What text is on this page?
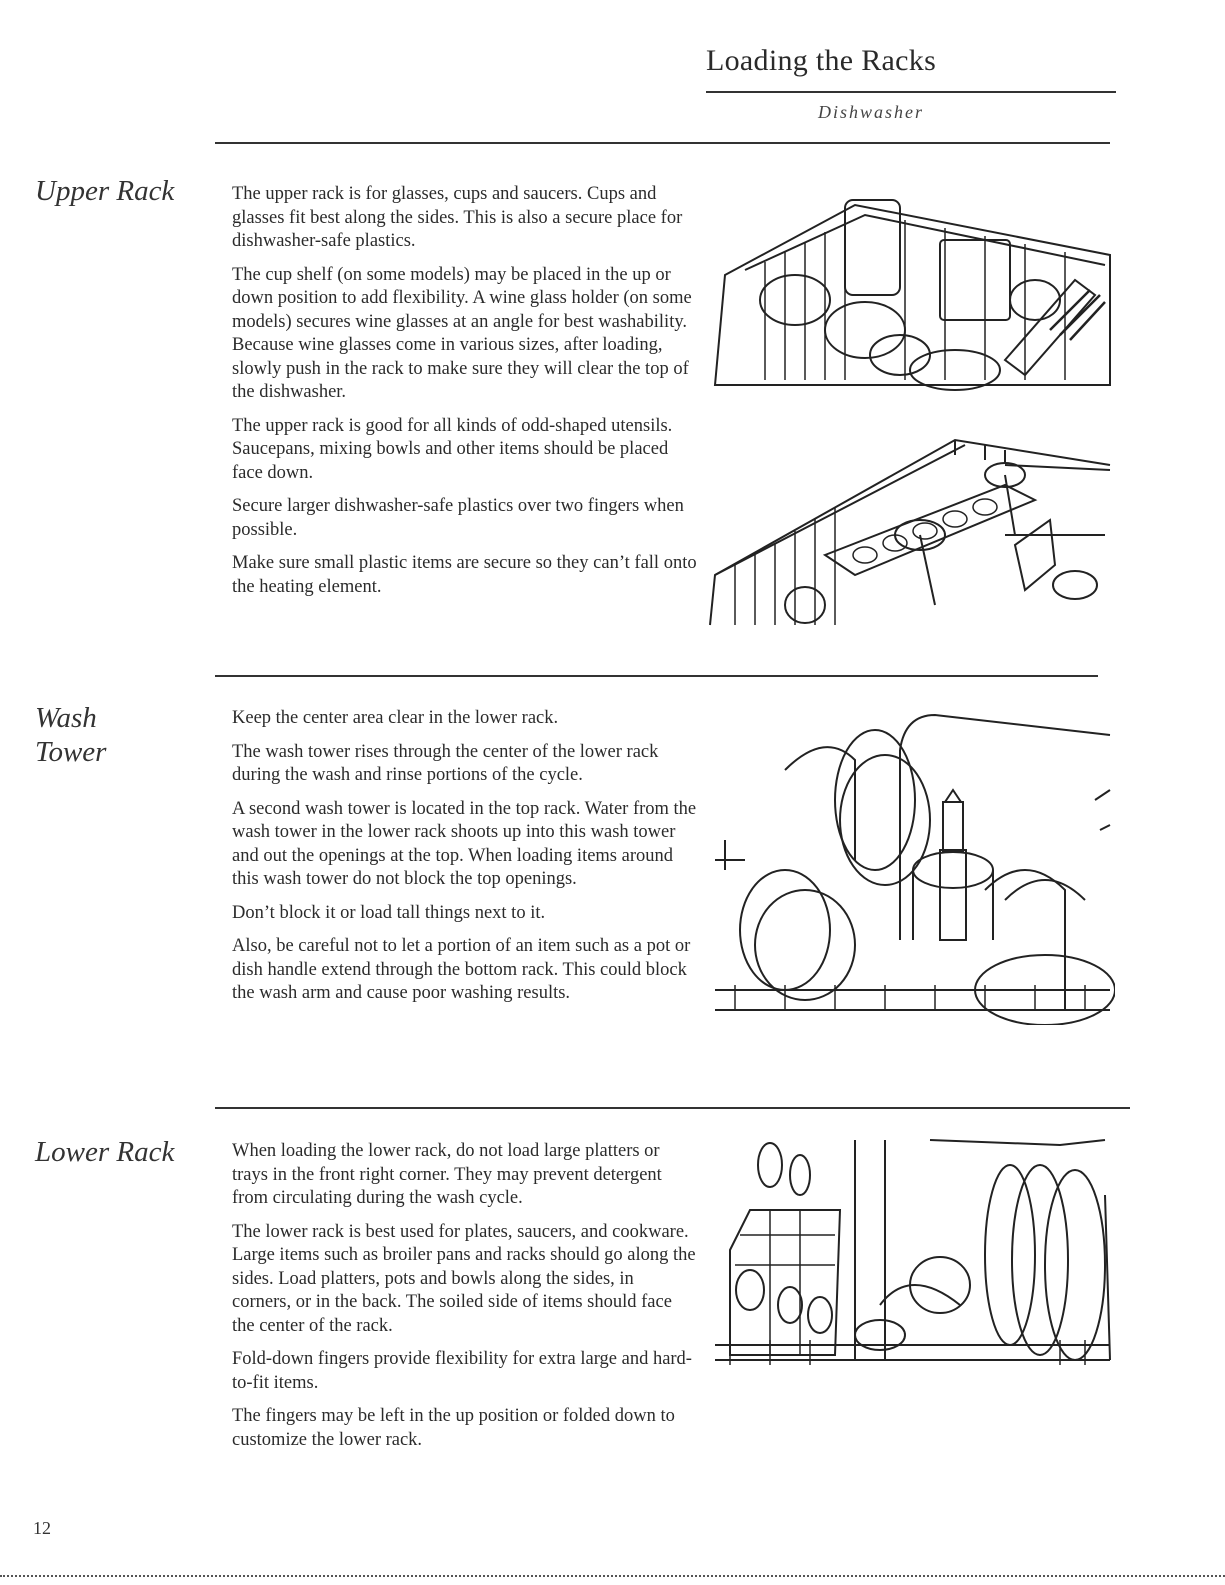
Loading the Racks
Dishwasher
Upper Rack	The upper rack is for glasses, cups and saucers. Cups and glasses fit best along the sides. This is also a secure place for dishwasher-safe plastics.

The cup shelf (on some models) may be placed in the up or down position to add flexibility. A wine glass holder (on some models) secures wine glasses at an angle for best washability. Because wine glasses come in various sizes, after loading, slowly push in the rack to make sure they will clear the top of the dishwasher.

The upper rack is good for all kinds of odd-shaped utensils. Saucepans, mixing bowls and other items should be placed face down.

Secure larger dishwasher-safe plastics over two fingers when possible.

Make sure small plastic items are secure so they can’t fall onto the heating element.

Wash
Tower

Keep the center area clear in the lower rack.

The wash tower rises through the center of the lower rack during the wash and rinse portions of the cycle.

A second wash tower is located in the top rack. Water from the wash tower in the lower rack shoots up into this wash tower and out the openings at the top. When loading items around this wash tower do not block the top openings.

Don’t block it or load tall things next to it.

Also, be careful not to let a portion of an item such as a pot or dish handle extend through the bottom rack. This could block the wash arm and cause poor washing results.

Lower Rack	When loading the lower rack, do not load large platters or trays in the front right corner. They may prevent detergent from circulating during the wash cycle.

The lower rack is best used for plates, saucers, and cookware. Large items such as broiler pans and racks should go along the sides. Load platters, pots and bowls along the sides, in corners, or in the back. The soiled side of items should face the center of the rack.

Fold-down fingers provide flexibility for extra large and hard-to-fit items.

The fingers may be left in the up position or folded down to customize the lower rack.

12
